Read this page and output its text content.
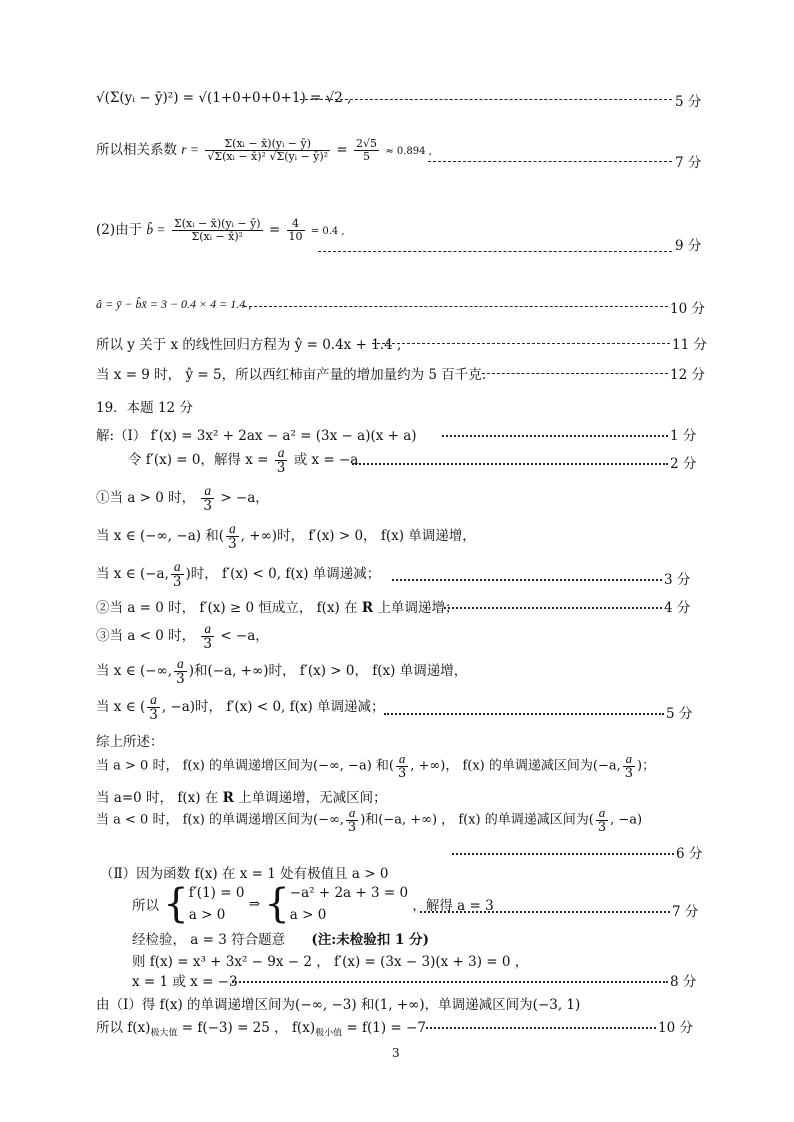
√(Σ(yᵢ − ȳ)²) = √(1+0+0+0+1) = √2 ,	5 分
所以相关系数 $r = \frac{\text{Σ(xᵢ − x̄)(yᵢ − ȳ)}}{\text{√Σ(xᵢ − x̄)² √Σ(yᵢ − ȳ)²}} = \frac{2√5}{5} \approx 0.894$ ,
7 分
(2)由于 b̂ = $\frac{\text{Σ(xᵢ − x̄)(yᵢ − ȳ)}}{\text{Σ(xᵢ − x̄)²}} = \frac{4}{10} = 0.4$ ,
9 分
â = ȳ − b̂x̄ = 3 − 0.4 × 4 = 1.4 ,	10 分
所以 y 关于 x 的线性回归方程为 ŷ = 0.4x + 1.4 ,	11 分
当 x = 9 时， ŷ = 5，所以西红柿亩产量的增加量约为 5 百千克.	12 分
19．本题 12 分
解:（Ⅰ） f′(x) = 3x² + 2ax − a² = (3x − a)(x + a)	1 分
令 f′(x) = 0，解得 $x = \frac{a}{3}$ 或 x = −a	2 分
①当 a > 0 时， $\frac{a}{3} > -a$，
当 x ∈ (−∞, −a) 和( $\frac{a}{3}$ , +∞)时， f′(x) > 0， f(x) 单调递增，
当 x ∈ (−a, $\frac{a}{3}$ )时， f′(x) < 0, f(x) 单调递减；	3 分
②当 a = 0 时， f′(x) ≥ 0 恒成立， f(x) 在 R 上单调递增；	4 分
③当 a < 0 时， $\frac{a}{3} < -a$，
当 x ∈ (−∞, $\frac{a}{3}$ )和(−a, +∞)时， f′(x) > 0， f(x) 单调递增，
当 x ∈ ( $\frac{a}{3}$ , −a)时， f′(x) < 0, f(x) 单调递减；	5 分
综上所述：
当 a > 0 时， f(x) 的单调递增区间为(−∞, −a) 和( $\frac{a}{3}$ , +∞)， f(x) 的单调递减区间为(−a, $\frac{a}{3}$ )；
当 a=0 时， f(x) 在 R 上单调递增，无减区间；
当 a < 0 时， f(x) 的单调递增区间为(−∞, $\frac{a}{3}$ )和(−a, +∞) ， f(x) 的单调递减区间为( $\frac{a}{3}$ , −a)
6 分
（Ⅱ）因为函数 f(x) 在 x = 1 处有极值且 a > 0
所以 { f′(1) = 0
a > 0
⇒ { −a² + 2a + 3 = 0
a > 0
，解得 a = 3	7 分
经检验， a = 3 符合题意 (注:未检验扣 1 分)
则 f(x) = x³ + 3x² − 9x − 2 ， f′(x) = (3x − 3)(x + 3) = 0 ，
x = 1 或 x = −3	8 分
由（Ⅰ）得 f(x) 的单调递增区间为(−∞, −3) 和(1, +∞)，单调递减区间为(−3, 1)
所以 $f(x)_{极大值} = f(-3) = 25$ ， $f(x)_{极小值} = f(1) = -7$	10 分
3
